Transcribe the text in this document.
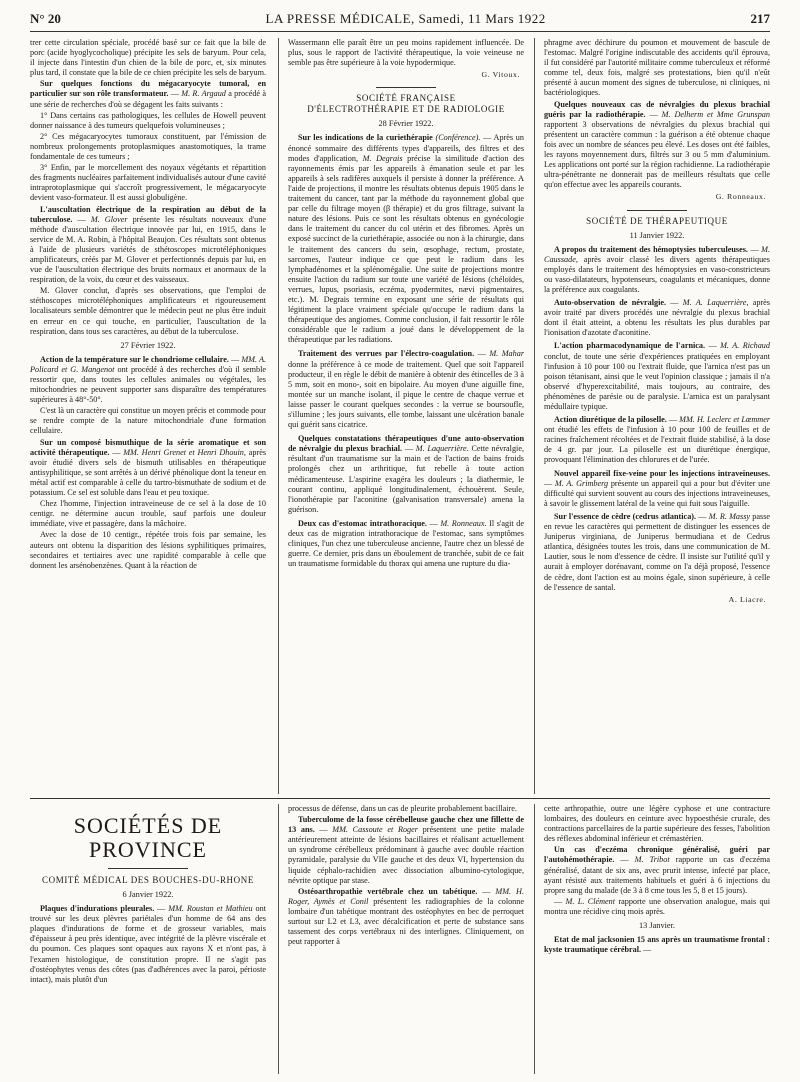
N° 20	LA PRESSE MÉDICALE, Samedi, 11 Mars 1922	217

trer cette circulation spéciale, procédé basé sur ce fait que la bile de porc (acide hyoglycocholique) précipite les sels de baryum. Pour cela, il injecte dans l'intestin d'un chien de la bile de porc, et, six minutes plus tard, il constate que la bile de ce chien précipite les sels de baryum.

Sur quelques fonctions du mégacaryocyte tumoral, en particulier sur son rôle transformateur. — M. R. Argaud a procédé à une série de recherches d'où se dégagent les faits suivants :

1° Dans certains cas pathologiques, les cellules de Howell peuvent donner naissance à des tumeurs quelquefois volumineuses ;

2° Ces mégacaryocytes tumoraux constituent, par l'émission de nombreux prolongements protoplasmiques anastomotiques, la trame fondamentale de ces tumeurs ;

3° Enfin, par le morcellement des noyaux végétants et répartition des fragments nucléaires parfaitement individualisés autour d'une cavité intraprotoplasmique qui s'accroît progressivement, le mégacaryocyte devient vaso-formateur. Il est aussi globuligène.

L'auscultation électrique de la respiration au début de la tuberculose. — M. Glover présente les résultats nouveaux d'une méthode d'auscultation électrique innovée par lui, en 1915, dans le service de M. A. Robin, à l'hôpital Beaujon. Ces résultats sont obtenus à l'aide de plusieurs variétés de sthétoscopes microtéléphoniques amplificateurs, créés par M. Glover et perfectionnés depuis par lui, en vue de l'auscultation électrique des bruits normaux et anormaux de la respiration, de la voix, du cœur et des vaisseaux.

M. Glover conclut, d'après ses observations, que l'emploi de stéthoscopes microtéléphoniques amplificateurs et rigoureusement localisateurs semble démontrer que le médecin peut ne plus être induit en erreur en ce qui touche, en particulier, l'auscultation de la respiration, dans tous ses caractères, au début de la tuberculose.

27 Février 1922.

Action de la température sur le chondriome cellulaire. — MM. A. Policard et G. Mangenot ont procédé à des recherches d'où il semble ressortir que, dans toutes les cellules animales ou végétales, les mitochondries ne peuvent supporter sans disparaître des températures supérieures à 48°-50°.

C'est là un caractère qui constitue un moyen précis et commode pour se rendre compte de la nature mitochondriale d'une formation cellulaire.

Sur un composé bismuthique de la série aromatique et son activité thérapeutique. — MM. Henri Grenet et Henri Dhouin, après avoir étudié divers sels de bismuth utilisables en thérapeutique antisyphilitique, se sont arrêtés à un dérivé phénolique dont la teneur en métal actif est comparable à celle du tartro-bismuthate de sodium et de potassium. Ce sel est soluble dans l'eau et peu toxique.

Chez l'homme, l'injection intraveineuse de ce sel à la dose de 10 centigr. ne détermine aucun trouble, sauf parfois une douleur immédiate, vive et passagère, dans la mâchoire.

Avec la dose de 10 centigr., répétée trois fois par semaine, les auteurs ont obtenu la disparition des lésions syphilitiques primaires, secondaires et tertiaires avec une rapidité comparable à celle que donnent les arsénobenzènes. Quant à la réaction de

Wassermann elle paraît être un peu moins rapidement influencée. De plus, sous le rapport de l'activité thérapeutique, la voie veineuse ne semble pas être supérieure à la voie hypodermique.

G. Vitoux.
SOCIÉTÉ FRANÇAISE
D'ÉLECTROTHÉRAPIE ET DE RADIOLOGIE
28 Février 1922.

Sur les indications de la curiethérapie (Conférence). — Après un énoncé sommaire des différents types d'appareils, des filtres et des modes d'application, M. Degrais précise la similitude d'action des rayonnements émis par les appareils à émanation seule et par les appareils à sels radifères auxquels il persiste à donner la préférence. A l'aide de projections, il montre les résultats obtenus depuis 1905 dans le traitement du cancer, tant par la méthode du rayonnement global que par celle du filtrage moyen (β thérapie) et du gros filtrage, suivant la nature des lésions. Puis ce sont les résultats obtenus en gynécologie dans le traitement du cancer du col utérin et des fibromes. Après un exposé succinct de la curiethérapie, associée ou non à la chirurgie, dans le traitement des cancers du sein, œsophage, rectum, prostate, sarcomes, l'auteur indique ce que peut le radium dans les lymphadénomes et la splénomégalie. Une suite de projections montre ensuite l'action du radium sur toute une variété de lésions (chéloïdes, verrues, lupus, psoriasis, eczéma, pyodermites, nævi pigmentaires, etc.). M. Degrais termine en exposant une série de résultats qui légitiment la place vraiment spéciale qu'occupe le radium dans la thérapeutique des angiomes. Comme conclusion, il fait ressortir le rôle considérable que le radium a joué dans le développement de la thérapeutique par les radiations.

Traitement des verrues par l'électro-coagulation. — M. Mahar donne la préférence à ce mode de traitement. Quel que soit l'appareil producteur, il en règle le débit de manière à obtenir des étincelles de 3 à 5 mm, soit en mono-, soit en bipolaire. Au moyen d'une aiguille fine, montée sur un manche isolant, il pique le centre de chaque verrue et laisse passer le courant quelques secondes : la verrue se boursoufle, s'illumine ; les jours suivants, elle tombe, laissant une ulcération banale qui guérit sans cicatrice.

Quelques constatations thérapeutiques d'une auto-observation de névralgie du plexus brachial. — M. Laquerrière. Cette névralgie, résultant d'un traumatisme sur la main et de l'action de bains froids prolongés chez un arthritique, fut rebelle à toute action médicamenteuse. L'aspirine exagéra les douleurs ; la diathermie, le courant continu, appliqué longitudinalement, échouèrent. Seule, l'ionothérapie par l'aconitine (galvanisation transversale) amena la guérison.

Deux cas d'estomac intrathoracique. — M. Ronneaux. Il s'agit de deux cas de migration intrathoracique de l'estomac, sans symptômes cliniques, l'un chez une tuberculeuse ancienne, l'autre chez un blessé de guerre. Ce dernier, pris dans un éboulement de tranchée, subit de ce fait un traumatisme formidable du thorax qui amena une rupture du dia-

phragme avec déchirure du poumon et mouvement de bascule de l'estomac. Malgré l'origine indiscutable des accidents qu'il éprouva, il fut considéré par l'autorité militaire comme tuberculeux et réformé comme tel, deux fois, malgré ses protestations, bien qu'il n'eût présenté à aucun moment des signes de tuberculose, ni cliniques, ni bactériologiques.

Quelques nouveaux cas de névralgies du plexus brachial guéris par la radiothérapie. — M. Delherm et Mme Grunspan rapportent 3 observations de névralgies du plexus brachial qui présentent un caractère commun : la guérison a été obtenue chaque fois avec un nombre de séances peu élevé. Les doses ont été faibles, les rayons moyennement durs, filtrés sur 3 ou 5 mm d'aluminium. Les applications ont porté sur la région rachidienne. La radiothérapie ultra-pénétrante ne donnerait pas de meilleurs résultats que celle qu'on effectue avec les appareils courants.

G. Ronneaux.
SOCIÉTÉ DE THÉRAPEUTIQUE
11 Janvier 1922.

A propos du traitement des hémoptysies tuberculeuses. — M. Caussade, après avoir classé les divers agents thérapeutiques employés dans le traitement des hémoptysies en vaso-constricteurs ou vaso-dilatateurs, hypotenseurs, coagulants et mécaniques, donne la préférence aux coagulants.

Auto-observation de névralgie. — M. A. Laquerrière, après avoir traité par divers procédés une névralgie du plexus brachial dont il était atteint, a obtenu les résultats les plus durables par l'ionisation d'azotate d'aconitine.

L'action pharmacodynamique de l'arnica. — M. A. Richaud conclut, de toute une série d'expériences pratiquées en employant l'infusion à 10 pour 100 ou l'extrait fluide, que l'arnica n'est pas un poison tétanisant, ainsi que le veut l'opinion classique ; jamais il n'a observé d'hyperexcitabilité, mais toujours, au contraire, des phénomènes de parésie ou de paralysie. L'arnica est un paralysant médullaire typique.

Action diurétique de la piloselle. — MM. H. Leclerc et Lœmmer ont étudié les effets de l'infusion à 10 pour 100 de feuilles et de racines fraîchement récoltées et de l'extrait fluide stabilisé, à la dose de 4 gr. par jour. La piloselle est un diurétique énergique, provoquant l'élimination des chlorures et de l'urée.

Nouvel appareil fixe-veine pour les injections intraveineuses. — M. A. Grimberg présente un appareil qui a pour but d'éviter une difficulté qui survient souvent au cours des injections intraveineuses, à savoir le glissement latéral de la veine qui fuit sous l'aiguille.

Sur l'essence de cèdre (cedrus atlantica). — M. R. Massy passe en revue les caractères qui permettent de distinguer les essences de Juniperus virginiana, de Juniperus bermudiana et de Cedrus atlantica, désignées toutes les trois, dans une communication de M. Lautier, sous le nom d'essence de cèdre. Il insiste sur l'utilité qu'il y aurait à employer dorénavant, comme on l'a déjà proposé, l'essence de cèdre, dont l'action est au moins égale, sinon supérieure, à celle de l'essence de santal.

A. Liacre.
SOCIÉTÉS DE PROVINCE
COMITÉ MÉDICAL DES BOUCHES-DU-RHONE
6 Janvier 1922.

Plaques d'indurations pleurales. — MM. Roustan et Mathieu ont trouvé sur les deux plèvres pariétales d'un homme de 64 ans des plaques d'indurations de forme et de grosseur variables, mais d'épaisseur à peu près identique, avec intégrité de la plèvre viscérale et du poumon. Ces plaques sont opaques aux rayons X et n'ont pas, à l'examen histologique, de constitution propre. Il ne s'agit pas d'ostéophytes venus des côtes (pas d'adhérences avec la paroi, périoste intact), mais plutôt d'un

processus de défense, dans un cas de pleurite probablement bacillaire.

Tuberculome de la fosse cérébelleuse gauche chez une fillette de 13 ans. — MM. Cassoute et Roger présentent une petite malade antérieurement atteinte de lésions bacillaires et réalisant actuellement un syndrome cérébelleux prédominant à gauche avec double réaction pyramidale, paralysie du VIIe gauche et des deux VI, hypertension du liquide céphalo-rachidien avec dissociation albumino-cytologique, névrite optique par stase.

Ostéoarthropathie vertébrale chez un tabétique. — MM. H. Roger, Aymès et Conil présentent les radiographies de la colonne lombaire d'un tabétique montrant des ostéophytes en bec de perroquet surtout sur L2 et L3, avec décalcification et perte de substance sans tassement des corps vertébraux ni des interlignes. Cliniquement, on peut rapporter à

cette arthropathie, outre une légère cyphose et une contracture lombaires, des douleurs en ceinture avec hypoesthésie crurale, des contractions parcellaires de la partie supérieure des fesses, l'abolition des réflexes abdominal inférieur et crémastérien.

Un cas d'eczéma chronique généralisé, guéri par l'autohémothérapie. — M. Tribot rapporte un cas d'eczéma généralisé, datant de six ans, avec prurit intense, infecté par place, ayant résisté aux traitements habituels et guéri à 6 injections du propre sang du malade (de 3 à 8 cme tous les 5, 8 et 15 jours).

— M. L. Clément rapporte une observation analogue, mais qui montra une récidive cinq mois après.

13 Janvier.

Etat de mal jacksonien 15 ans après un traumatisme frontal : kyste traumatique cérébral. —
